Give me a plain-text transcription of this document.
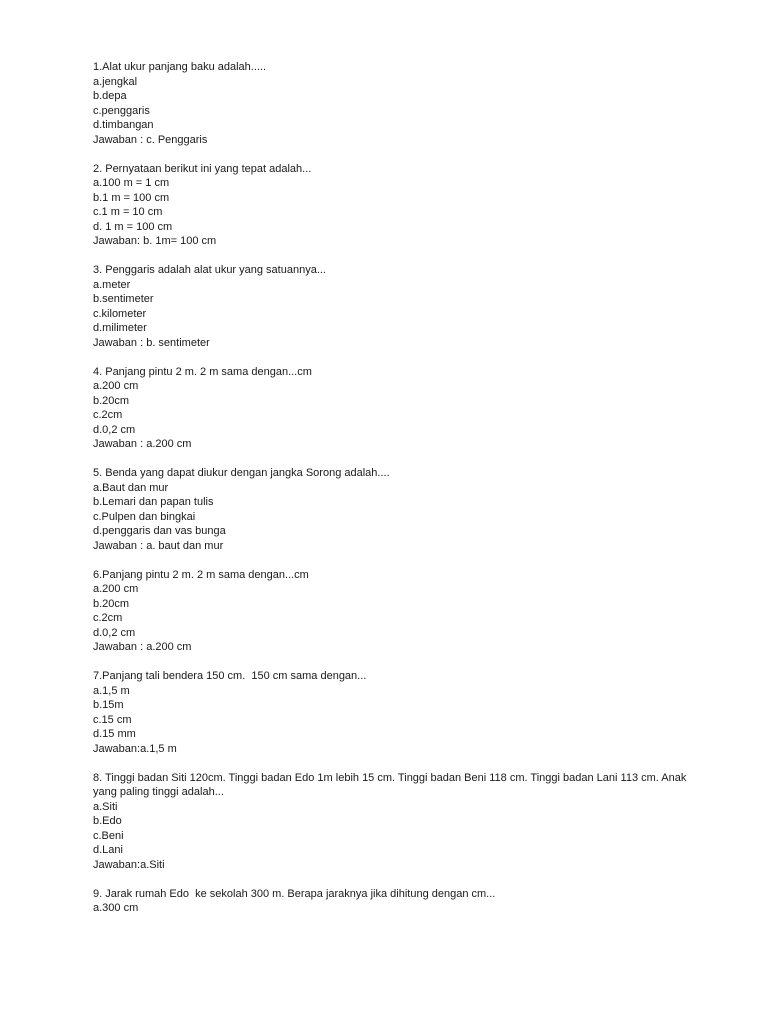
1.Alat ukur panjang baku adalah.....
a.jengkal
b.depa
c.penggaris
d.timbangan
Jawaban : c. Penggaris
2. Pernyataan berikut ini yang tepat adalah...
a.100 m = 1 cm
b.1 m = 100 cm
c.1 m = 10 cm
d. 1 m = 100 cm
Jawaban: b. 1m= 100 cm
3. Penggaris adalah alat ukur yang satuannya...
a.meter
b.sentimeter
c.kilometer
d.milimeter
Jawaban : b. sentimeter
4. Panjang pintu 2 m. 2 m sama dengan...cm
a.200 cm
b.20cm
c.2cm
d.0,2 cm
Jawaban : a.200 cm
5. Benda yang dapat diukur dengan jangka Sorong adalah....
a.Baut dan mur
b.Lemari dan papan tulis
c.Pulpen dan bingkai
d.penggaris dan vas bunga
Jawaban : a. baut dan mur
6.Panjang pintu 2 m. 2 m sama dengan...cm
a.200 cm
b.20cm
c.2cm
d.0,2 cm
Jawaban : a.200 cm
7.Panjang tali bendera 150 cm.  150 cm sama dengan...
a.1,5 m
b.15m
c.15 cm
d.15 mm
Jawaban:a.1,5 m
8. Tinggi badan Siti 120cm. Tinggi badan Edo 1m lebih 15 cm. Tinggi badan Beni 118 cm. Tinggi badan Lani 113 cm. Anak yang paling tinggi adalah...
a.Siti
b.Edo
c.Beni
d.Lani
Jawaban:a.Siti
9. Jarak rumah Edo  ke sekolah 300 m. Berapa jaraknya jika dihitung dengan cm...
a.300 cm
